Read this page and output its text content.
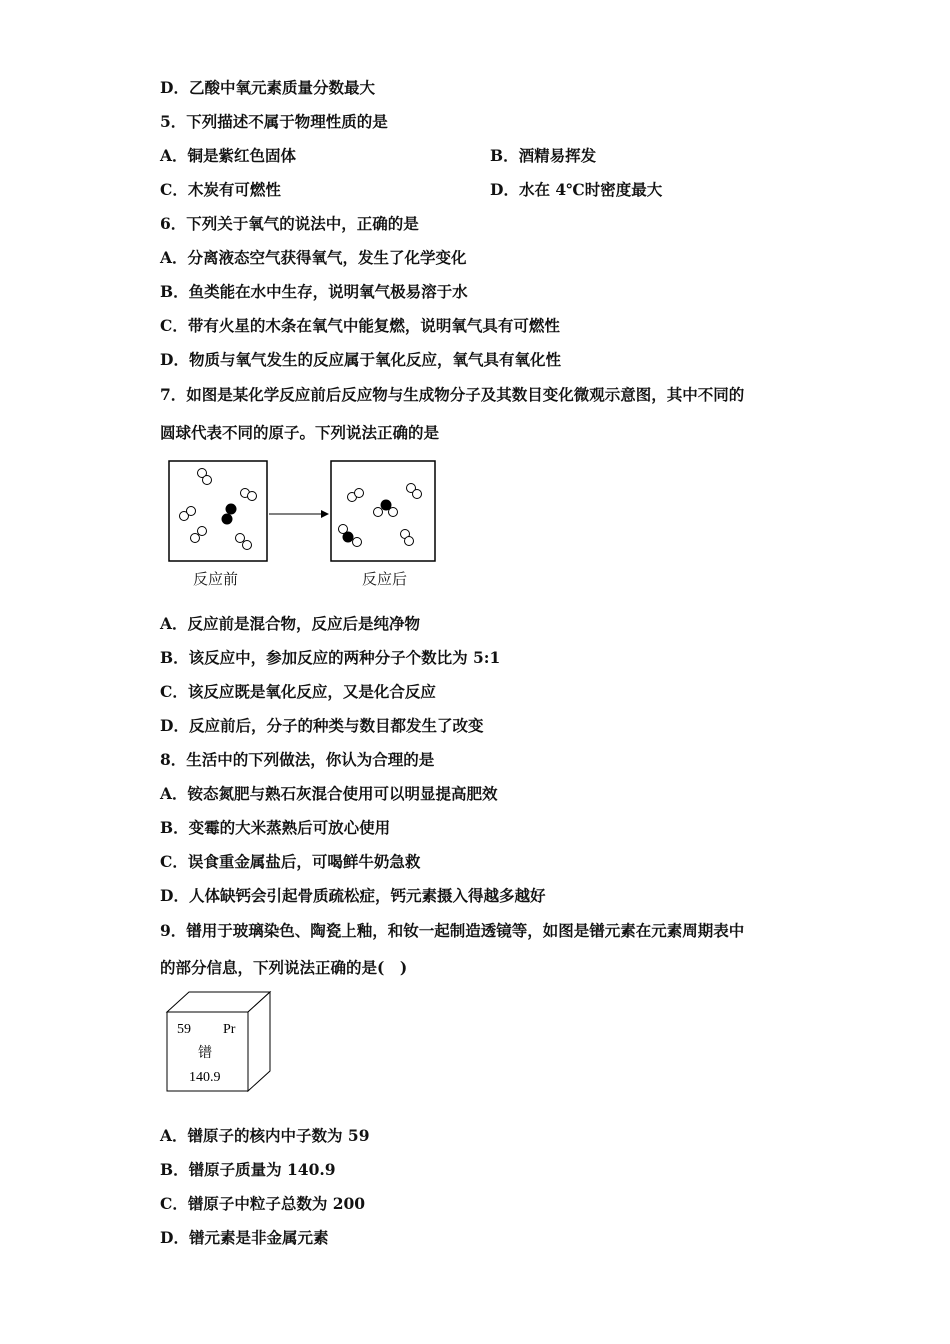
D．乙酸中氧元素质量分数最大
5．下列描述不属于物理性质的是
A．铜是紫红色固体	B．酒精易挥发
C．木炭有可燃性	D．水在 4℃时密度最大
6．下列关于氧气的说法中，正确的是
A．分离液态空气获得氧气，发生了化学变化
B．鱼类能在水中生存，说明氧气极易溶于水
C．带有火星的木条在氧气中能复燃，说明氧气具有可燃性
D．物质与氧气发生的反应属于氧化反应，氧气具有氧化性
7．如图是某化学反应前后反应物与生成物分子及其数目变化微观示意图，其中不同的
圆球代表不同的原子。下列说法正确的是
反应前	反应后
A．反应前是混合物，反应后是纯净物
B．该反应中，参加反应的两种分子个数比为 5:1
C．该反应既是氧化反应，又是化合反应
D．反应前后，分子的种类与数目都发生了改变
8．生活中的下列做法，你认为合理的是
A．铵态氮肥与熟石灰混合使用可以明显提高肥效
B．变霉的大米蒸熟后可放心使用
C．误食重金属盐后，可喝鲜牛奶急救
D．人体缺钙会引起骨质疏松症，钙元素摄入得越多越好
9．镨用于玻璃染色、陶瓷上釉，和钕一起制造透镜等，如图是镨元素在元素周期表中
的部分信息，下列说法正确的是(　)
59 Pr
镨
140.9
A．镨原子的核内中子数为 59
B．镨原子质量为 140.9
C．镨原子中粒子总数为 200
D．镨元素是非金属元素
